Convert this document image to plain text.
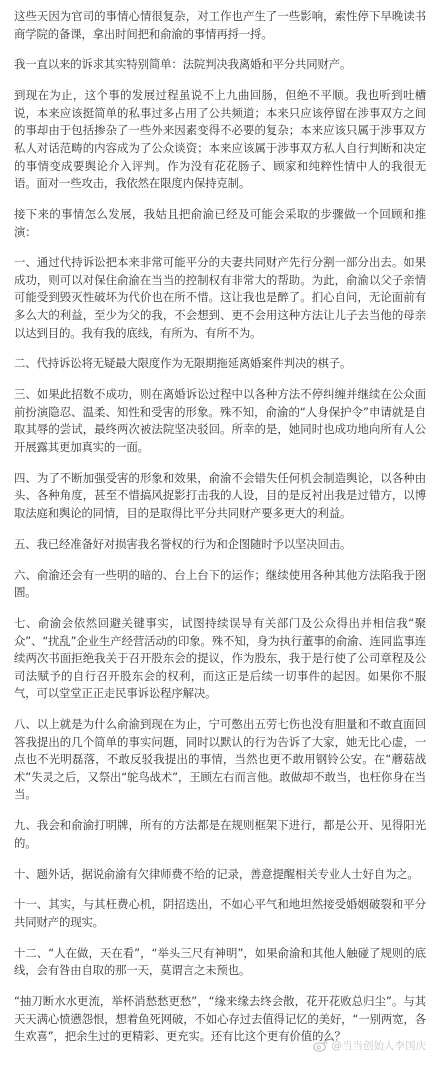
这些天因为官司的事情心情很复杂，对工作也产生了一些影响，索性停下早晚读书商学院的备课，拿出时间把和俞渝的事情再捋一捋。

我一直以来的诉求其实特别简单：法院判决我离婚和平分共同财产。

到现在为止，这个事的发展过程虽说不上九曲回肠，但绝不平顺。我也听到吐槽说，本来应该挺简单的私事过多占用了公共频道；本来只应该停留在涉事双方之间的事却由于包括掺杂了一些外来因素变得不必要的复杂；本来应该只属于涉事双方私人对话范畴的内容成为了公众谈资；本来应该属于涉事双方私人自行判断和决定的事情变成要舆论介入评判。作为没有花花肠子、顾家和纯粹性情中人的我很无语。面对一些攻击，我依然在限度内保持克制。

接下来的事情怎么发展，我姑且把俞渝已经及可能会采取的步骤做一个回顾和推演：

一、通过代持诉讼把本来非常可能平分的夫妻共同财产先行分割一部分出去。如果成功，则可以对保住俞渝在当当的控制权有非常大的帮助。为此，俞渝以父子亲情可能受到毁灭性破坏为代价也在所不惜。这让我也是醉了。扪心自问，无论面前有多么大的利益，至少为父的我，不会想到、更不会用这种方法让儿子去当他的母亲以达到目的。我有我的底线，有所为、有所不为。

二、代持诉讼将无疑最大限度作为无限期拖延离婚案件判决的棋子。

三、如果此招数不成功，则在离婚诉讼过程中以各种方法不停纠缠并继续在公众面前扮演隐忍、温柔、知性和受害的形象。殊不知，俞渝的“人身保护令”申请就是自取其辱的尝试，最终两次被法院坚决驳回。所幸的是，她同时也成功地向所有人公开展露其更加真实的一面。

四、为了不断加强受害的形象和效果，俞渝不会错失任何机会制造舆论，以各种由头、各种角度，甚至不惜搞风捉影打击我的人设，目的是反衬出我是过错方，以博取法庭和舆论的同情，目的是取得比平分共同财产要多更大的利益。

五、我已经准备好对损害我名誉权的行为和企图随时予以坚决回击。

六、俞渝还会有一些明的暗的、台上台下的运作；继续使用各种其他方法陷我于囹圄。

七、俞渝会依然回避关键事实，试图持续误导有关部门及公众得出并相信我“聚众”、“扰乱”企业生产经营活动的印象。殊不知，身为执行董事的俞渝、连同监事连续两次书面拒绝我关于召开股东会的提议，作为股东，我于是行使了公司章程及公司法赋予的自行召开股东会的权利，而这正是后续一切事件的起因。如果你不服气，可以堂堂正正走民事诉讼程序解决。

八、以上就是为什么俞渝到现在为止，宁可憋出五劳七伤也没有胆量和不敢直面回答我提出的几个简单的事实问题，同时以默认的行为告诉了大家，她无比心虚，一点也不光明磊落，不敢反驳我提出的事情，当然也更不敢用钢铃公安。在“蘑菇战术”失灵之后，又祭出“鸵鸟战术”，王顾左右而言他。敢做却不敢当，也枉你身在当当。

九、我会和俞渝打明牌，所有的方法都是在规则框架下进行，都是公开、见得阳光的。

十、题外话，据说俞渝有欠律师费不给的记录，善意提醒相关专业人士好自为之。

十一、其实，与其枉费心机，阴招迭出，不如心平气和地坦然接受婚姻破裂和平分共同财产的现实。

十二、“人在做，天在看”，“举头三尺有神明”，如果俞渝和其他人触碰了规则的底线，会有咎由自取的那一天，莫谓言之未预也。

“抽刀断水水更流，举杯消愁愁更愁”，“缘来缘去终会散，花开花败总归尘”。与其天天满心愤懑怨恨，想着鱼死网破，不如心存过去值得记忆的美好，“一别两宽，各生欢喜”，把余生过的更精彩、更充实。还有比这个更有价值的么？

@当当创始人李国庆
